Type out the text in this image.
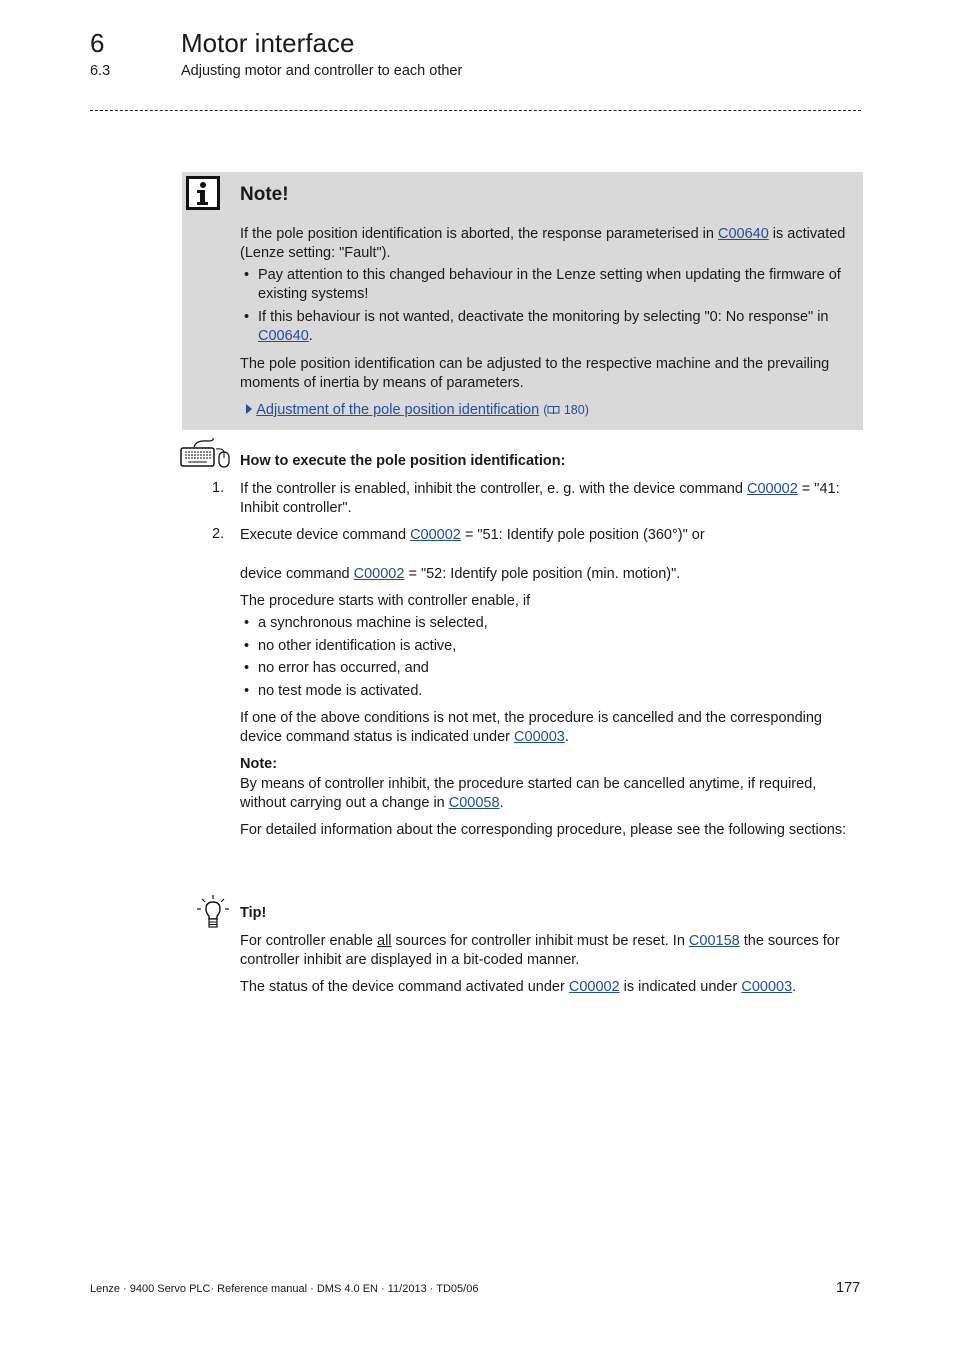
6	Motor interface
6.3	Adjusting motor and controller to each other
Note!
If the pole position identification is aborted, the response parameterised in C00640 is activated (Lenze setting: "Fault").
• Pay attention to this changed behaviour in the Lenze setting when updating the firmware of existing systems!
• If this behaviour is not wanted, deactivate the monitoring by selecting "0: No response" in C00640.
The pole position identification can be adjusted to the respective machine and the prevailing moments of inertia by means of parameters.
Adjustment of the pole position identification ( 180)
How to execute the pole position identification:
1. If the controller is enabled, inhibit the controller, e. g. with the device command C00002 = "41: Inhibit controller".
2. Execute device command C00002 = "51: Identify pole position (360°)" or
device command C00002 = "52: Identify pole position (min. motion)".
The procedure starts with controller enable, if
• a synchronous machine is selected,
• no other identification is active,
• no error has occurred, and
• no test mode is activated.
If one of the above conditions is not met, the procedure is cancelled and the corresponding device command status is indicated under C00003.
Note:
By means of controller inhibit, the procedure started can be cancelled anytime, if required, without carrying out a change in C00058.
For detailed information about the corresponding procedure, please see the following sections:
Tip!
For controller enable all sources for controller inhibit must be reset. In C00158 the sources for controller inhibit are displayed in a bit-coded manner.
The status of the device command activated under C00002 is indicated under C00003.
Lenze · 9400 Servo PLC· Reference manual · DMS 4.0 EN · 11/2013 · TD05/06	177
